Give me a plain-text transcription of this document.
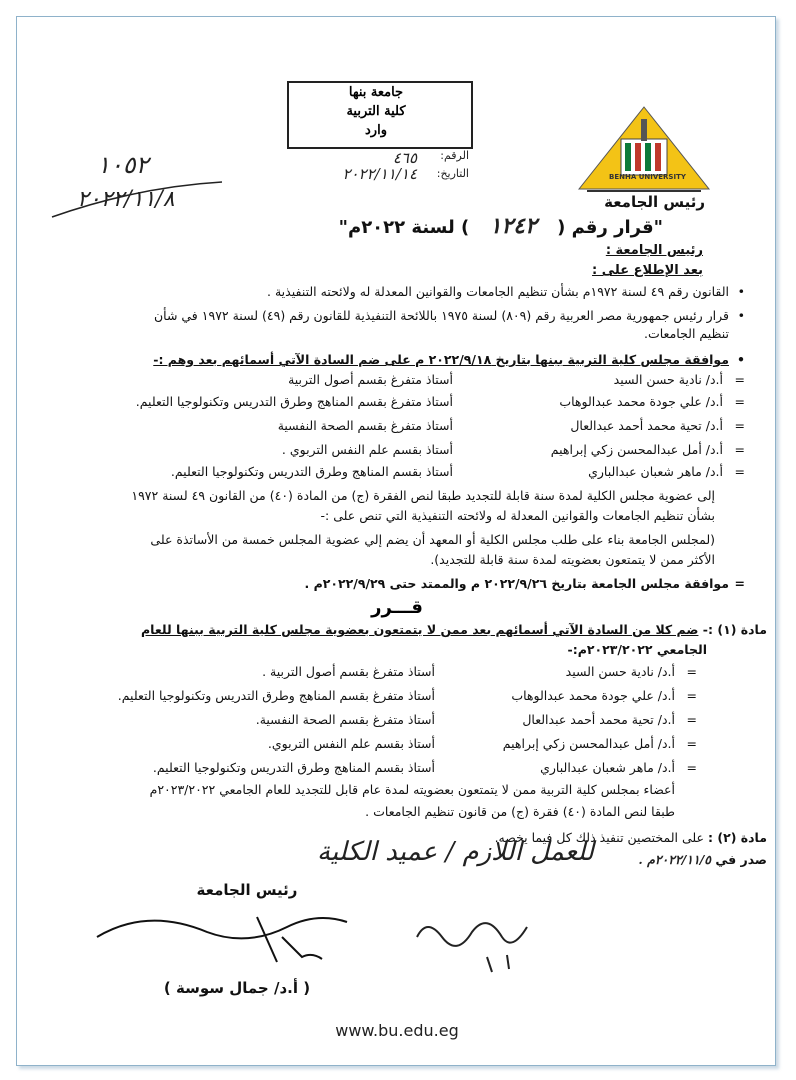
جامعة بنها
كلية التربية
وارد
الرقم:
٤٦٥
التاريخ:
٢٠٢٢/١١/١٤
١٠٥٢
٢٠٢٢/١١/٨
BENHA UNIVERSITY
رئيس الجامعة
"قرار رقم ( ١٢٤٢ ) لسنة ٢٠٢٢م"
رئيس الجامعة :
بعد الإطلاع على :
•
القانون رقم ٤٩ لسنة ١٩٧٢م بشأن تنظيم الجامعات والقوانين المعدلة له ولائحته التنفيذية .
•
قرار رئيس جمهورية مصر العربية رقم (٨٠٩) لسنة ١٩٧٥ باللائحة التنفيذية للقانون رقم (٤٩) لسنة ١٩٧٢ في شأن
تنظيم الجامعات.
•
موافقة مجلس كلية التربية ببنها بتاريخ ٢٠٢٢/٩/١٨ م على ضم السادة الآتي أسمائهم بعد وهم :-
=
أ.د/ نادية حسن السيد
أستاذ متفرغ بقسم أصول التربية
=
أ.د/ علي جودة محمد عبدالوهاب
أستاذ متفرغ بقسم المناهج وطرق التدريس وتكنولوجيا التعليم.
=
أ.د/ تحية محمد أحمد عبدالعال
أستاذ متفرغ بقسم الصحة النفسية
=
أ.د/ أمل عبدالمحسن زكي إبراهيم
أستاذ بقسم علم النفس التربوي .
=
أ.د/ ماهر شعبان عبدالباري
أستاذ بقسم المناهج وطرق التدريس وتكنولوجيا التعليم.
إلى عضوية مجلس الكلية لمدة سنة قابلة للتجديد طبقا لنص الفقرة (ج) من المادة (٤٠) من القانون ٤٩ لسنة ١٩٧٢
بشأن تنظيم الجامعات والقوانين المعدلة له ولائحته التنفيذية التي تنص على :-
(لمجلس الجامعة بناء على طلب مجلس الكلية أو المعهد أن يضم إلي عضوية المجلس خمسة من الأساتذة على
الأكثر ممن لا يتمتعون بعضويته لمدة سنة قابلة للتجديد).
=
موافقة مجلس الجامعة بتاريخ ٢٠٢٢/٩/٢٦ م والممتد حتى ٢٠٢٢/٩/٢٩م .
قـــرر
مادة (١) :- ضم كلا من السادة الآتي أسمائهم بعد ممن لا يتمتعون بعضوية مجلس كلية التربية ببنها للعام
الجامعي ٢٠٢٣/٢٠٢٢م:-
=
أ.د/ نادية حسن السيد
أستاذ متفرغ بقسم أصول التربية .
=
أ.د/ علي جودة محمد عبدالوهاب
أستاذ متفرغ بقسم المناهج وطرق التدريس وتكنولوجيا التعليم.
=
أ.د/ تحية محمد أحمد عبدالعال
أستاذ متفرغ بقسم الصحة النفسية.
=
أ.د/ أمل عبدالمحسن زكي إبراهيم
أستاذ بقسم علم النفس التربوي.
=
أ.د/ ماهر شعبان عبدالباري
أستاذ بقسم المناهج وطرق التدريس وتكنولوجيا التعليم.
أعضاء بمجلس كلية التربية ممن لا يتمتعون بعضويته لمدة عام قابل للتجديد للعام الجامعي ٢٠٢٣/٢٠٢٢م
طبقا لنص المادة (٤٠) فقرة (ج) من قانون تنظيم الجامعات .
مادة (٢) : على المختصين تنفيذ ذلك كل فيما يخصه.
صدر في ٢٠٢٢/١١/٥م .
للعمل اللازم / عميد الكلية
رئيس الجامعة
( أ.د/ جمال سوسة )
www.bu.edu.eg
